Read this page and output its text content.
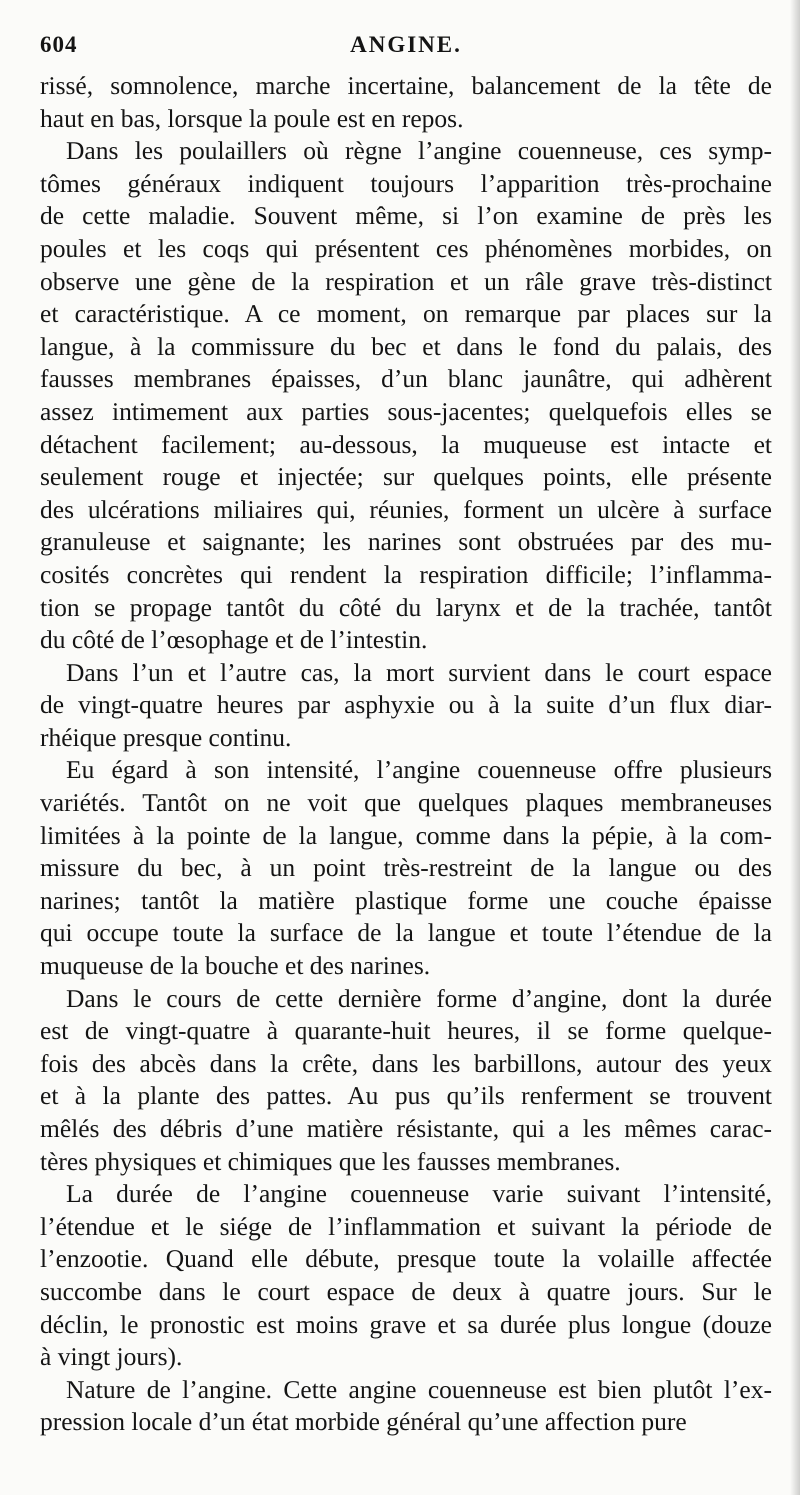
604	ANGINE.

rissé, somnolence, marche incertaine, balancement de la tête de
haut en bas, lorsque la poule est en repos.

Dans les poulaillers où règne l’angine couenneuse, ces symp-
tômes généraux indiquent toujours l’apparition très-prochaine
de cette maladie. Souvent même, si l’on examine de près les
poules et les coqs qui présentent ces phénomènes morbides, on
observe une gène de la respiration et un râle grave très-distinct
et caractéristique. A ce moment, on remarque par places sur la
langue, à la commissure du bec et dans le fond du palais, des
fausses membranes épaisses, d’un blanc jaunâtre, qui adhèrent
assez intimement aux parties sous-jacentes; quelquefois elles se
détachent facilement; au-dessous, la muqueuse est intacte et
seulement rouge et injectée; sur quelques points, elle présente
des ulcérations miliaires qui, réunies, forment un ulcère à surface
granuleuse et saignante; les narines sont obstruées par des mu-
cosités concrètes qui rendent la respiration difficile; l’inflamma-
tion se propage tantôt du côté du larynx et de la trachée, tantôt
du côté de l’œsophage et de l’intestin.

Dans l’un et l’autre cas, la mort survient dans le court espace
de vingt-quatre heures par asphyxie ou à la suite d’un flux diar-
rhéique presque continu.

Eu égard à son intensité, l’angine couenneuse offre plusieurs
variétés. Tantôt on ne voit que quelques plaques membraneuses
limitées à la pointe de la langue, comme dans la pépie, à la com-
missure du bec, à un point très-restreint de la langue ou des
narines; tantôt la matière plastique forme une couche épaisse
qui occupe toute la surface de la langue et toute l’étendue de la
muqueuse de la bouche et des narines.

Dans le cours de cette dernière forme d’angine, dont la durée
est de vingt-quatre à quarante-huit heures, il se forme quelque-
fois des abcès dans la crête, dans les barbillons, autour des yeux
et à la plante des pattes. Au pus qu’ils renferment se trouvent
mêlés des débris d’une matière résistante, qui a les mêmes carac-
tères physiques et chimiques que les fausses membranes.

La durée de l’angine couenneuse varie suivant l’intensité,
l’étendue et le siége de l’inflammation et suivant la période de
l’enzootie. Quand elle débute, presque toute la volaille affectée
succombe dans le court espace de deux à quatre jours. Sur le
déclin, le pronostic est moins grave et sa durée plus longue (douze
à vingt jours).

Nature de l’angine. Cette angine couenneuse est bien plutôt l’ex-
pression locale d’un état morbide général qu’une affection pure
